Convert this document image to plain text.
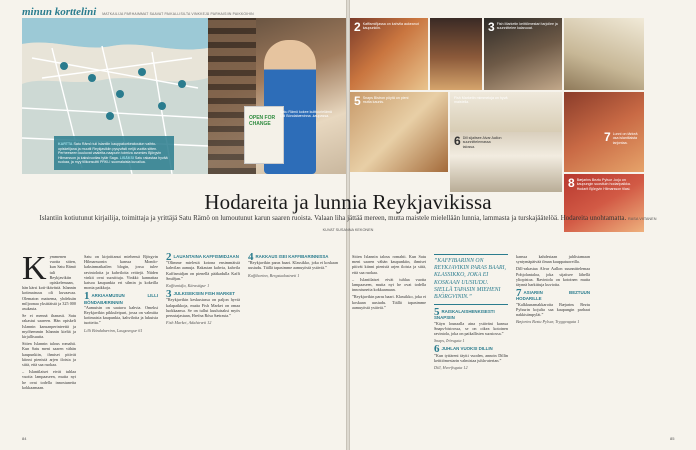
minun korttelini MATKAILIJA PARHAIMMAT SAAVAT PAIKALLISILTA VINKKEJÄ PARHAISIIN PAIKKOIHIN
KARTTA Satu Rämö tuli Islantiin kauppakorkeakoulun vaihto-opiskelijana ja muutti Reykjavikiin pysyvästi neljä vuotta sitten. Perheeseen kuuluvat vaaleita-naapurin toimiva avomies Björgvin Hilmarsson ja kaksivuotias tytär Saga. LISÄKSI Satu rakastaa hyvää ruokaa, ja myy tilikonsultti PRKL! suomalaista kuvailua.
OPEN FOR CHANGE
Satu Rämö kokee kulttuurielämä Lilli Bóndabæninna -kaupassa.

Kymmenen vuotta sitten, kun Satu Rämö tuli Reykjavikiin opiskelemaan, hän kärsi koti-ikävästä. Islannin kotimaisuus oli kuvaavaa. Olematon maisema, yhdeksän miljoonaa yksittäistä ja 325 000 asukasta.

Se ei mennä ihanasti. Satu rakastui saareen. Hän opiskeli Islannin kansanperinteettä ja myöhemmin Islannin kieltä ja kirjallisuutta.

Sitten Islannin talous romahti. Kun Satu meni saaren vähän kaupunkiin, ihmiset pitivät kiinni pienistä arjen iloista ja siitä, että saa ruokaa.

– Islantilaiset eivät tuhlaa vuotta lampaaseen, mutta nyt he ovat todella innostuneita kokkaamaan.

Satu on kirjoittanut miehensä Björgvin Hilmarssonin kanssa Mondo-kaksinmatkailen blogin, jossa tulee ravintoloita ja kahviloita reittejä. Niiden vinkit ovat suosittuja. Vinkki: kannattaa katsoa kaupunkia eri silmin ja kokeilla monia paikkoja.

1 ARKIAAMUSUN LILLI BÓNDABÆRINNIN

”Aamuisin on saatava kahvia. Omeksi Reykjavikin pikkuleipuri, jossa on valmiita kotimaisia kaupunkia, kahviloita ja lukuisia tuotteita.”

Lilli Bóndabærinn, Laugavegur 61

2 LAUANTAINA KAFFISMIDJAAN

”Olimme mielestä kotona ensimmäisiä kahvilan aamuja. Rakastan kahvia, kahvila Kaffismidjan on pienellä pääkadulla Kaffi Smiðjan.”

Kaffismidja, Kárastígur 1

3 JULKISEKSIIN FISH MARKET

”Reykjavikin keskustassa on paljon hyviä kalapaikkoja, mutta Fish Market on omaa luokkaansa. Se on tullut kuuluisaksi myös perustajastaan, Hrefna Rósa Sætrasta.”

Fish Market, Adalstræti 12

4 RAKKAUS ISEI KAFFIBARINNISSA

”Reykjavikin paras baari. Klassikko, joka ei koskaan uusiudu. Tiällä tapasimme aamuyöstä ystäviä.”

Kaffibarinn, Bergstadastræti 1

84
2 Kaffismiðjassa on kahvila aukeanut kaupunkiin.	3 Fish Marketin keittiömestari tarjoilee ja suunnittelee kalaruoat.
5 Snaps Bistron pöytä on pieni mutta kaunis.
Fish Marketin mimmeloja on hyvä maistella.
7 Lunni on tärkeä osa islantilaista tarjontaa.
6 Dill sijaitsee Alvar Aallon suunnittelemassa talossa.
8 Bæjarins Beztu Pylsur -koju on kaupungin suosituin hodaripaikka. Hodarit Björgvin Hilmarsson tilasi.

Sitten Islannin talous romahti. Kun Satu meni saaren vähän kaupunkiin, ihmiset pitivät kiinni pienistä arjen iloista ja siitä, että saa ruokaa.

– Islantilaiset eivät tuhlaa vuotta lampaaseen, mutta nyt he ovat todella innostuneita kokkaamaan.

”Reykjavikin paras baari. Klassikko, joka ei koskaan uusiudu. Tiällä tapasimme aamuyöstä ystäviä.”

”KAFFIBARINN ON REYKJAVIKIN PARAS BAARI, KLASSIKKO, JOKA EI KOSKAAN UUSIUDU. SIELLÄ TAPASIN MIEHENI BJÖRGVININ.”
5 RAISKALAISHENKISESTI SNAPSIIN

”Käyn lounaalla aina ystäväni kanssa Snaps-bistrossa, se on oikea kotoinen ravintola, joka on paikallisten suosiossa.”

Snaps, Þórsgata 1

6 JUHLAN VUOKSI DILLIN

”Kun tyttäreni täytti vuoden, annoin Dillin keittiömestarin valmistaa juhla-aterian.”

Dill, Hverfisgata 12

kanssa kahdestaan juhlistamaan syntymäpäivää ilman kauppatuoreilla.

Dill-rakastaa Alvar Aallon suunnittelemaa Pohjolantaloa, joka sijaitsee lähellä yliopistoa. Ravintola on kotoinen mutta täynnä harkittuja kuvioita.

7 ASIARIIN BEZTUUN HODARILLE

”Kalkkunamakkaroita Bæjarins Beztu Pylsurin kojulta saa kaupungin parhaat nakkisämpylät.”

Bæjarins Beztu Pylsur, Tryggvagata 1

85
Hodareita ja lunnia Reykjavikissa
Islantiin kotiutunut kirjailija, toimittaja ja yrittäjä Satu Rämö on lumoutunut karun saaren ruoista. Valaan liha jättää mereen, mutta maistele mielellään lunnia, lammasta ja turskajäätelöä. Hodareita unohtamatta. RASA VIITANEN KUVAT SUSANNA KEKONEN
